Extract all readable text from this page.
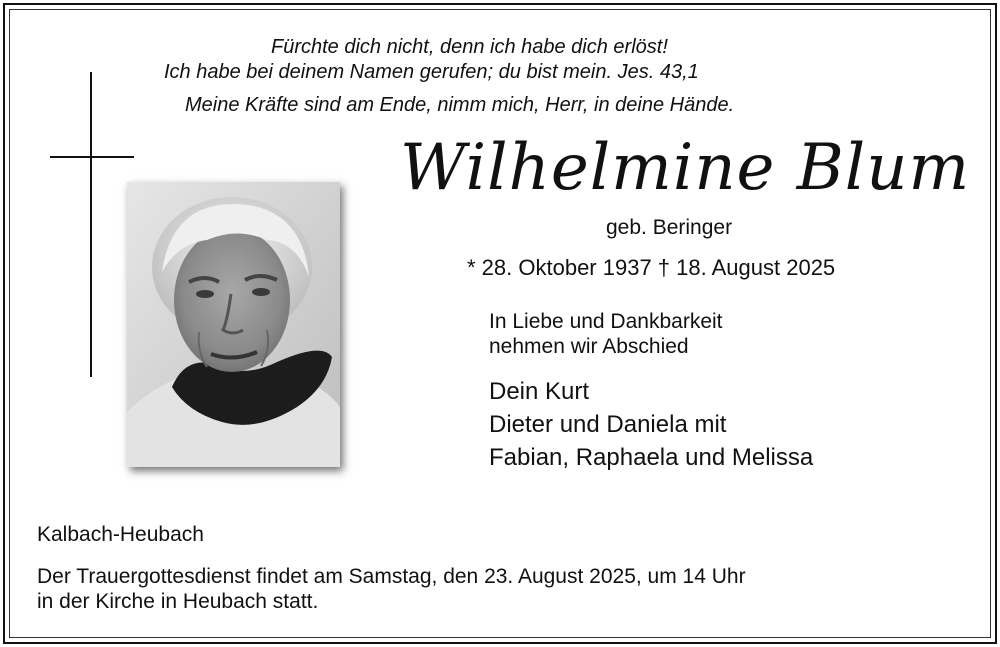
Fürchte dich nicht, denn ich habe dich erlöst!
Ich habe bei deinem Namen gerufen; du bist mein. Jes. 43,1
Meine Kräfte sind am Ende, nimm mich, Herr, in deine Hände.
Wilhelmine Blum
geb. Beringer
* 28. Oktober 1937 † 18. August 2025
In Liebe und Dankbarkeit
nehmen wir Abschied
Dein Kurt
Dieter und Daniela mit
Fabian, Raphaela und Melissa
Kalbach-Heubach
Der Trauergottesdienst findet am Samstag, den 23. August 2025, um 14 Uhr
in der Kirche in Heubach statt.
